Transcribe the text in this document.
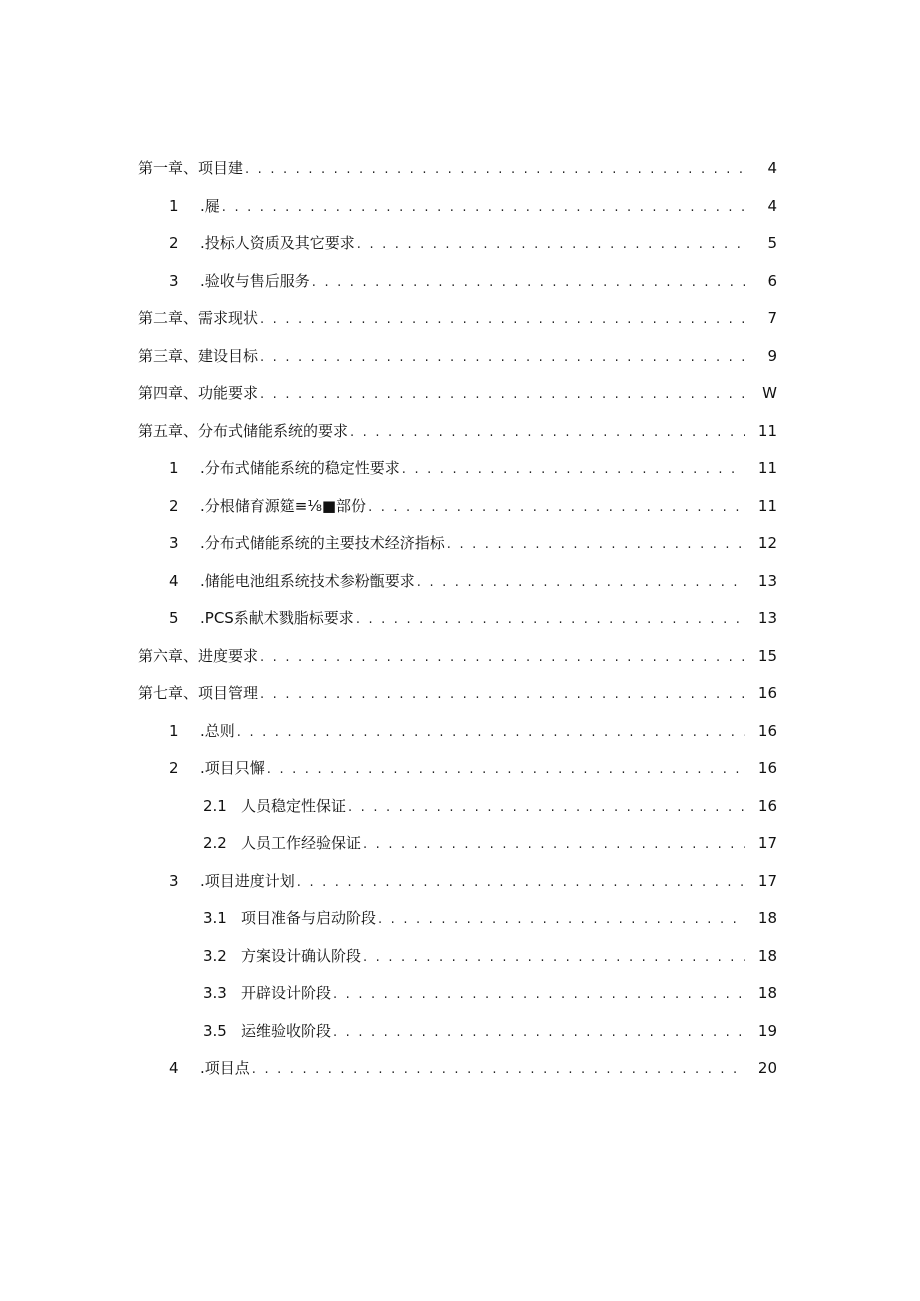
第一章、项目建 . . .	4
1	.屣 . . .	4
2	.投标人资质及其它要求 . . .	5
3	.验收与售后服务 . . .	6
第二章、需求现状 . . .	7
第三章、建设目标 . . .	9
第四章、功能要求 . . .	W
第五章、分布式储能系统的要求 . . .	11
1	.分布式储能系统的稳定性要求 . . .	11
2	.分根储育源筵≡⅛■部份 . . .	11
3	.分布式储能系统的主要技术经济指标 . . .	12
4	.储能电池组系统技术参粉甑要求 . . .	13
5	.PCS系献术戮脂标要求 . . .	13
第六章、进度要求 . . .	15
第七章、项目管理 . . .	16
1	.总则 . . .	16
2	.项目只懈 . . .	16
2.1 人员稳定性保证 . . .	16
2.2 人员工作经验保证 . . .	17
3	.项目进度计划 . . .	17
3.1 项目准备与启动阶段 . . .	18
3.2 方案设计确认阶段 . . .	18
3.3 开辟设计阶段 . . .	18
3.5 运维验收阶段 . . .	19
4	.项目点 . . .	20
